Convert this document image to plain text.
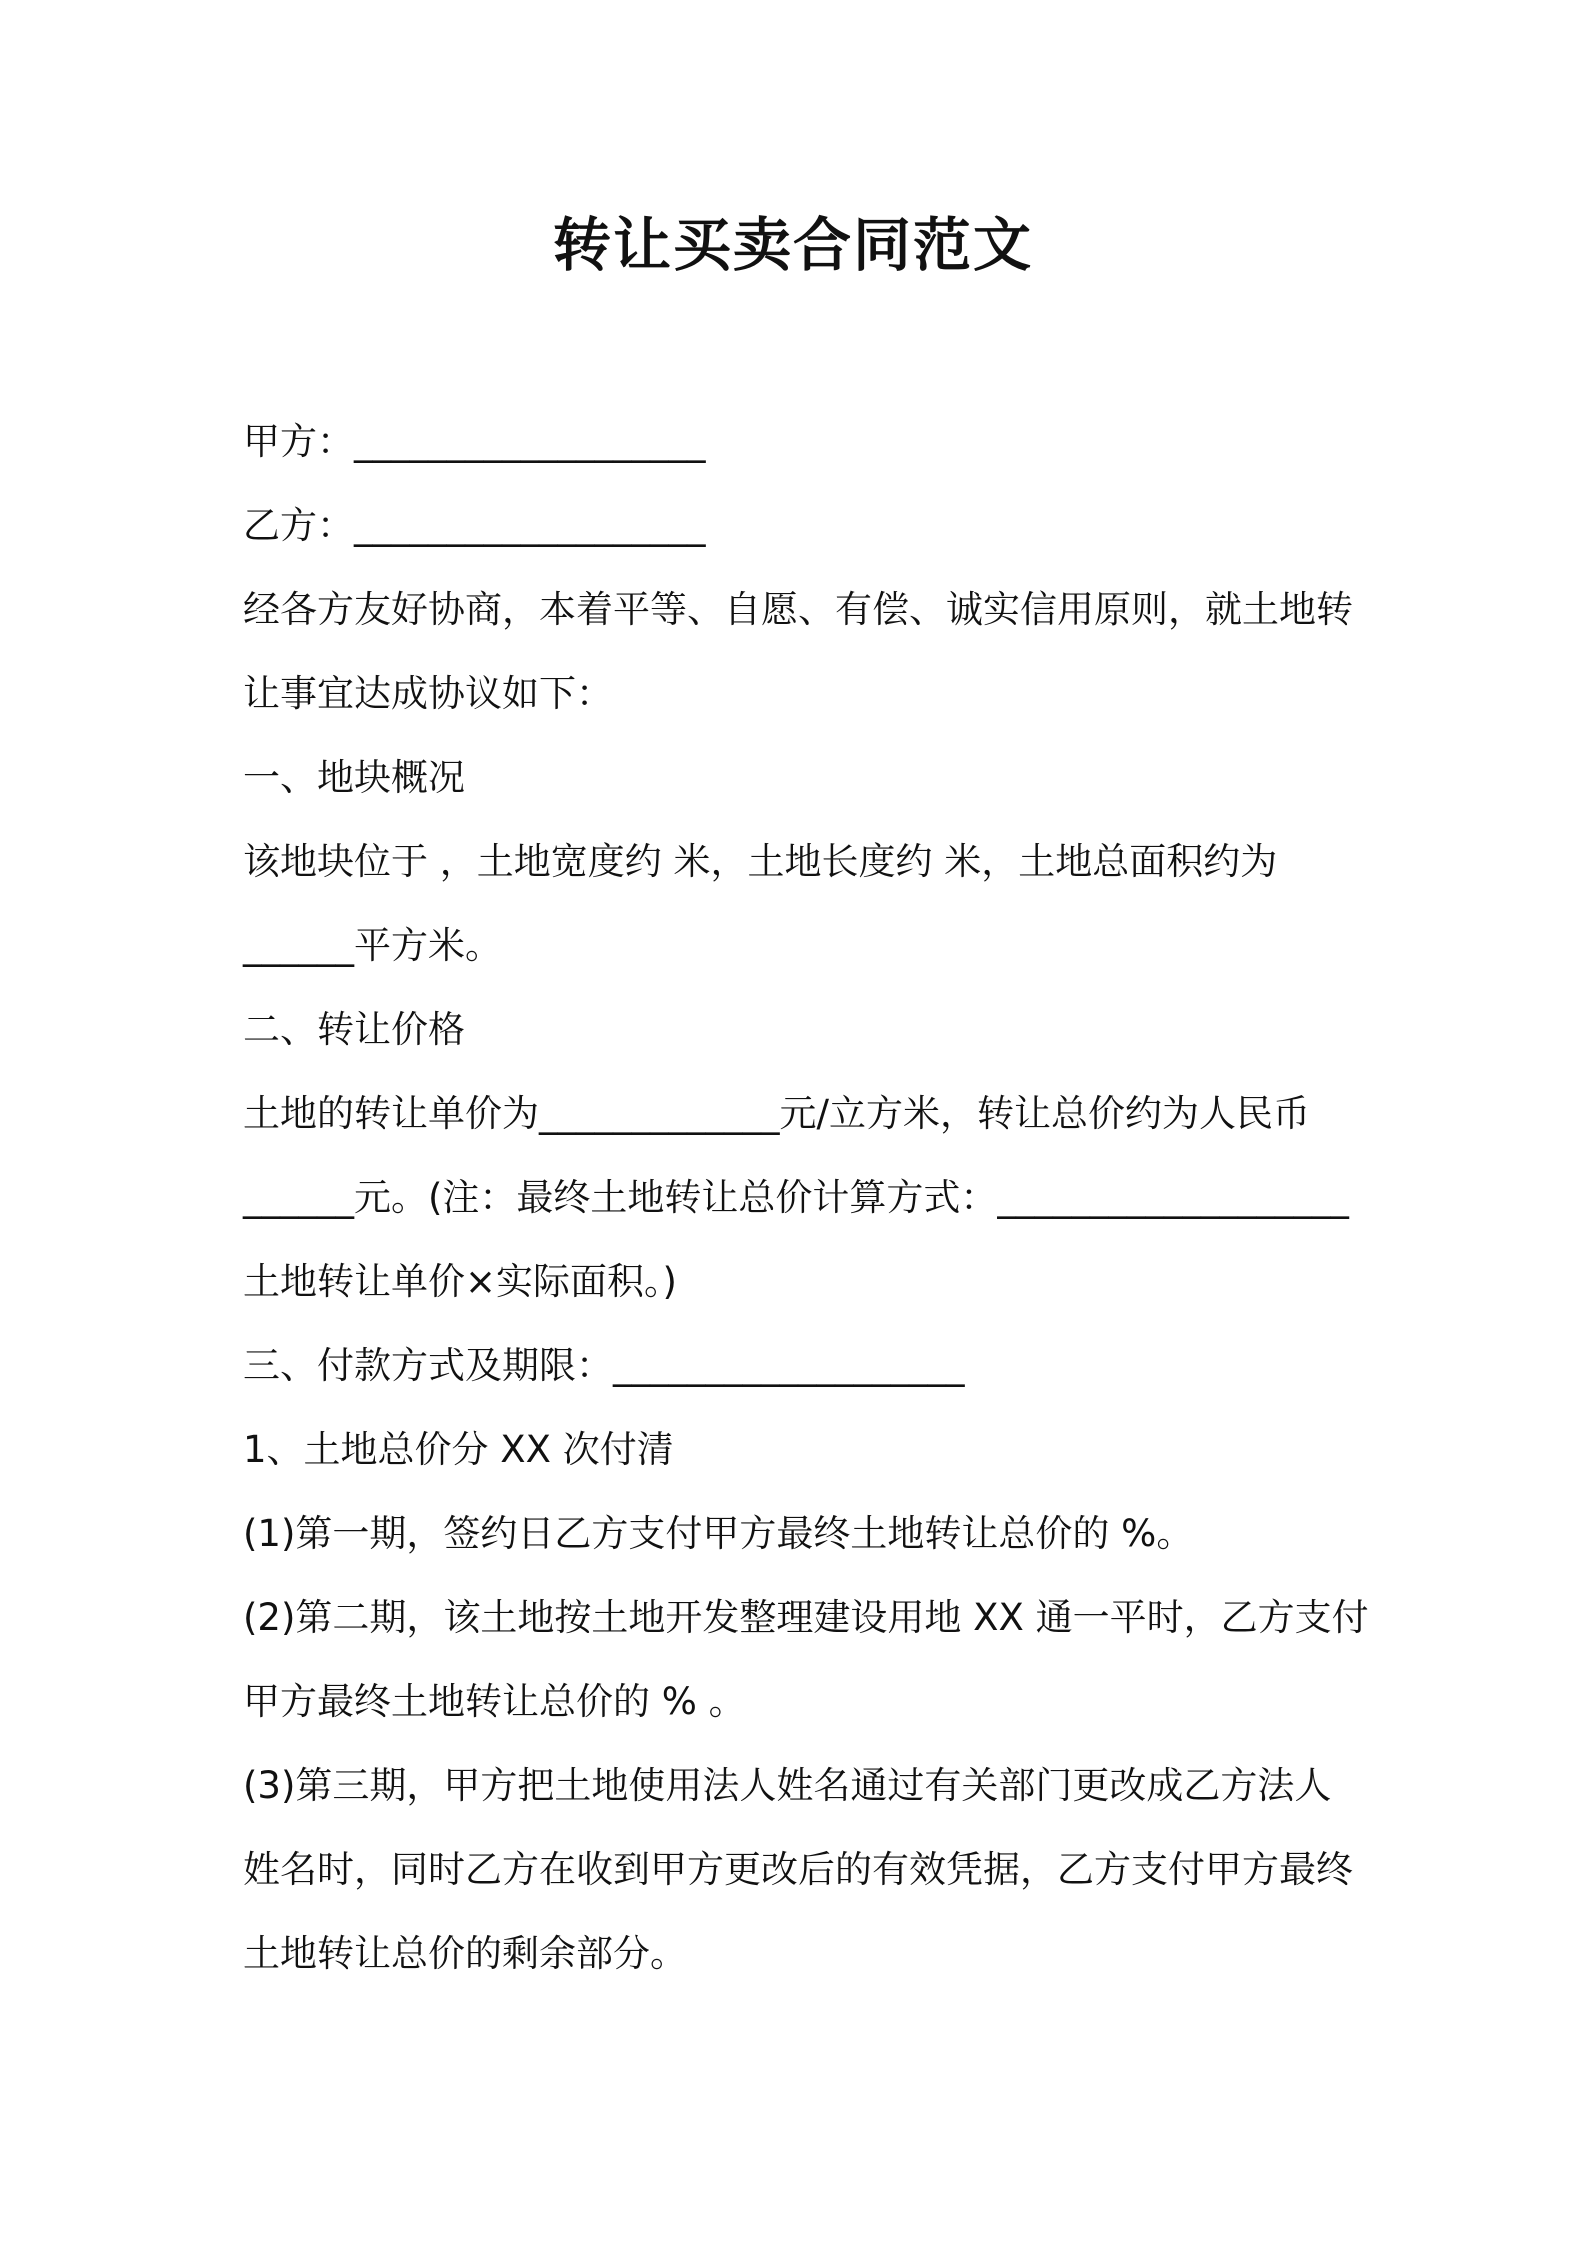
转让买卖合同范文

甲方：___________________

乙方：___________________

经各方友好协商，本着平等、自愿、有偿、诚实信用原则，就土地转

让事宜达成协议如下：

一、地块概况

该地块位于 ，土地宽度约 米，土地长度约 米，土地总面积约为

______平方米。

二、转让价格

土地的转让单价为_____________元/立方米，转让总价约为人民币

______元。(注：最终土地转让总价计算方式：___________________

土地转让单价×实际面积。)

三、付款方式及期限：___________________

1、土地总价分 XX 次付清

(1)第一期，签约日乙方支付甲方最终土地转让总价的 %。

(2)第二期，该土地按土地开发整理建设用地 XX 通一平时，乙方支付

甲方最终土地转让总价的 % 。

(3)第三期，甲方把土地使用法人姓名通过有关部门更改成乙方法人

姓名时，同时乙方在收到甲方更改后的有效凭据，乙方支付甲方最终

土地转让总价的剩余部分。
